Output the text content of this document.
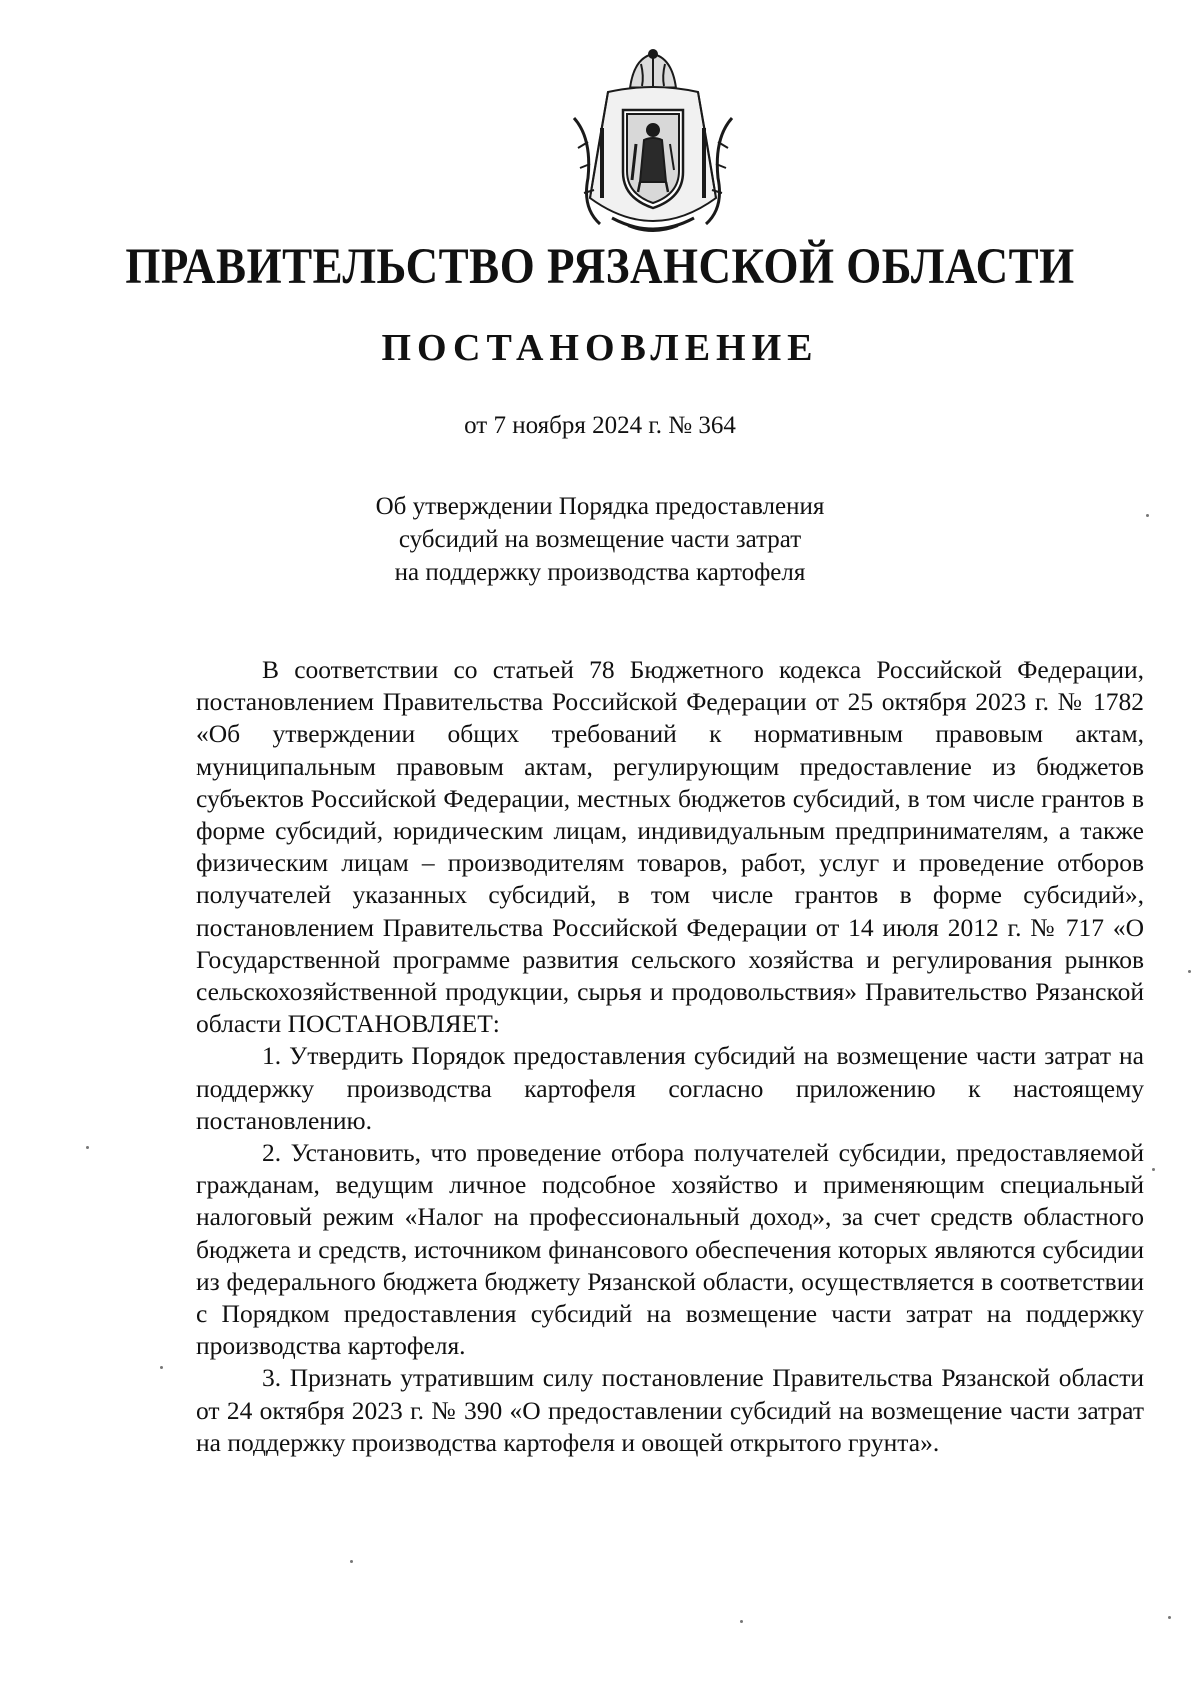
ПРАВИТЕЛЬСТВО РЯЗАНСКОЙ ОБЛАСТИ
ПОСТАНОВЛЕНИЕ
от 7 ноября 2024 г. № 364
Об утверждении Порядка предоставления
субсидий на возмещение части затрат
на поддержку производства картофеля

В соответствии со статьей 78 Бюджетного кодекса Российской Федерации, постановлением Правительства Российской Федерации от 25 октября 2023 г. № 1782 «Об утверждении общих требований к нормативным правовым актам, муниципальным правовым актам, регулирующим предоставление из бюджетов субъектов Российской Федерации, местных бюджетов субсидий, в том числе грантов в форме субсидий, юридическим лицам, индивидуальным предпринимателям, а также физическим лицам – производителям товаров, работ, услуг и проведение отборов получателей указанных субсидий, в том числе грантов в форме субсидий», постановлением Правительства Российской Федерации от 14 июля 2012 г. № 717 «О Государственной программе развития сельского хозяйства и регулирования рынков сельскохозяйственной продукции, сырья и продовольствия» Правительство Рязанской области ПОСТАНОВЛЯЕТ:

1. Утвердить Порядок предоставления субсидий на возмещение части затрат на поддержку производства картофеля согласно приложению к настоящему постановлению.

2. Установить, что проведение отбора получателей субсидии, предоставляемой гражданам, ведущим личное подсобное хозяйство и применяющим специальный налоговый режим «Налог на профессиональный доход», за счет средств областного бюджета и средств, источником финансового обеспечения которых являются субсидии из федерального бюджета бюджету Рязанской области, осуществляется в соответствии с Порядком предоставления субсидий на возмещение части затрат на поддержку производства картофеля.

3. Признать утратившим силу постановление Правительства Рязанской области от 24 октября 2023 г. № 390 «О предоставлении субсидий на возмещение части затрат на поддержку производства картофеля и овощей открытого грунта».
